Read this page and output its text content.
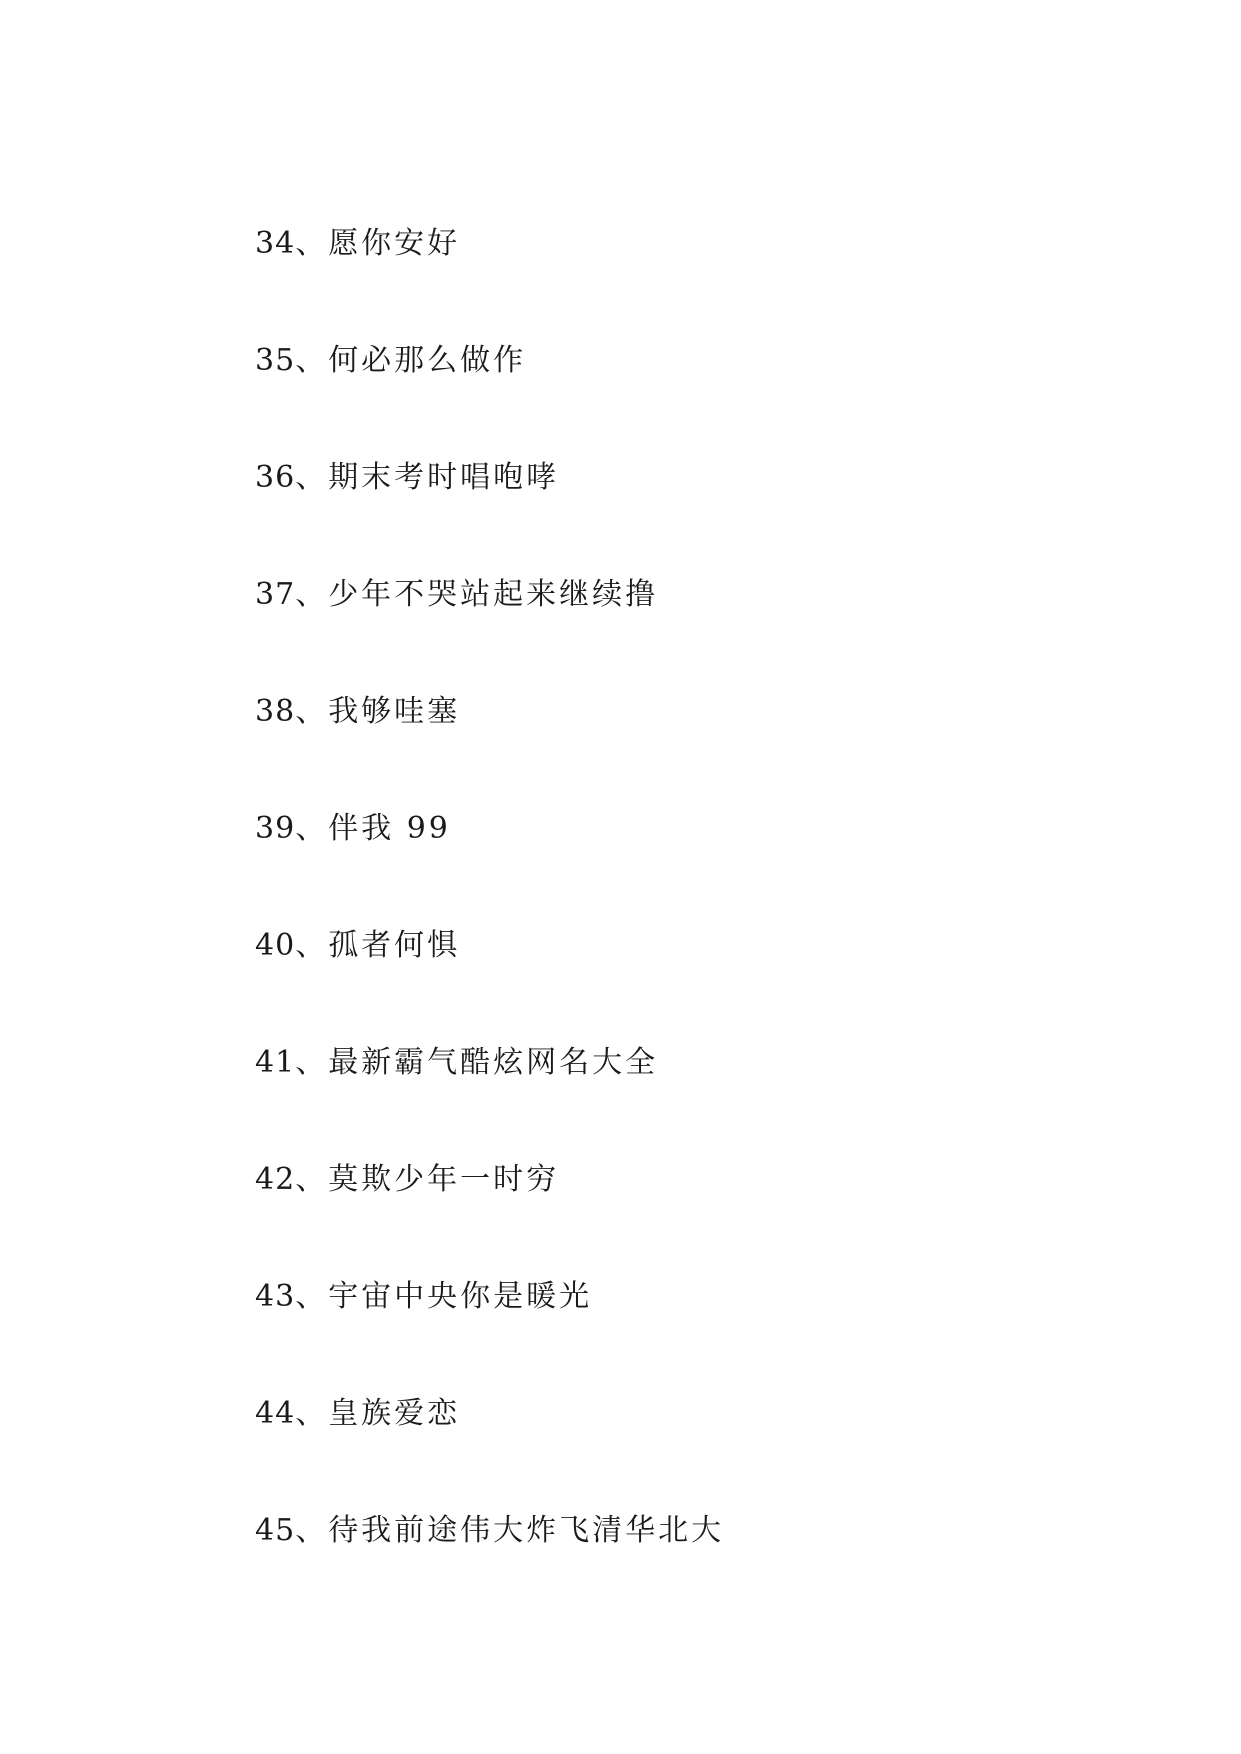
34、愿你安好
35、何必那么做作
36、期末考时唱咆哮
37、少年不哭站起来继续撸
38、我够哇塞
39、伴我 99
40、孤者何惧
41、最新霸气酷炫网名大全
42、莫欺少年一时穷
43、宇宙中央你是暖光
44、皇族爱恋
45、待我前途伟大炸飞清华北大
